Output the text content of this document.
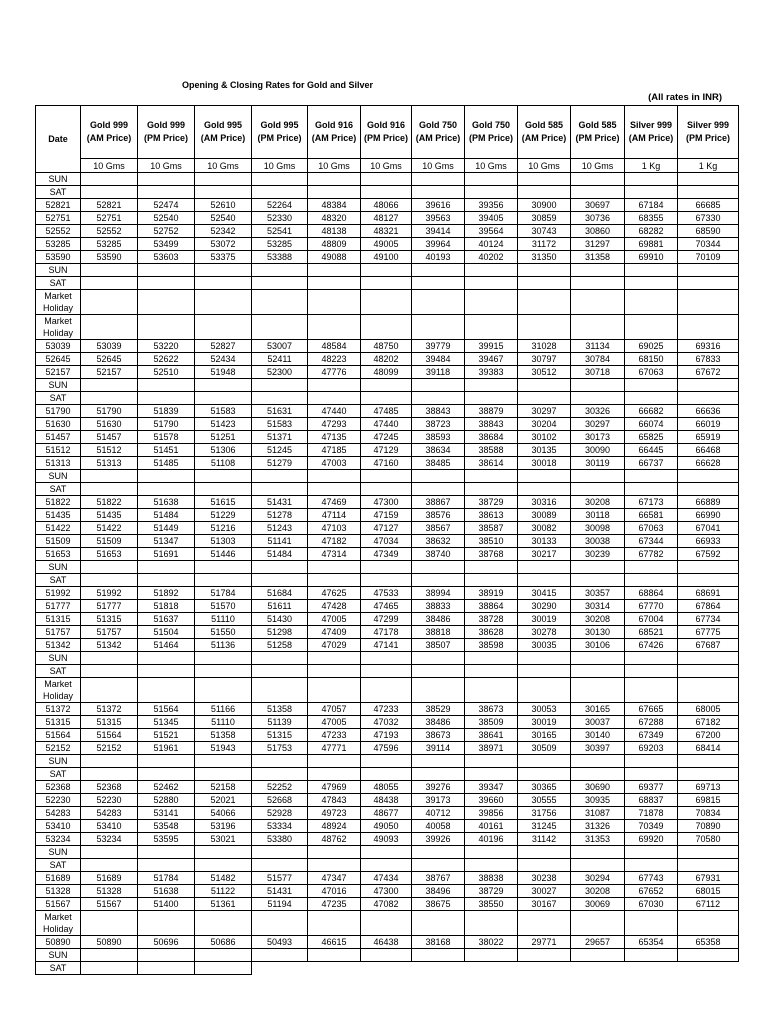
Opening & Closing Rates for Gold and Silver
(All rates in INR)
Date	Gold 999 (AM Price)	Gold 999 (PM Price)	Gold 995 (AM Price)	Gold 995 (PM Price)	Gold 916 (AM Price)	Gold 916 (PM Price)	Gold 750 (AM Price)	Gold 750 (PM Price)	Gold 585 (AM Price)	Gold 585 (PM Price)	Silver 999 (AM Price)	Silver 999 (PM Price)
	10 Gms	10 Gms	10 Gms	10 Gms	10 Gms	10 Gms	10 Gms	10 Gms	10 Gms	10 Gms	1 Kg	1 Kg
SUN												
SAT												
52821	52821	52474	52610	52264	48384	48066	39616	39356	30900	30697	67184	66685
52751	52751	52540	52540	52330	48320	48127	39563	39405	30859	30736	68355	67330
52552	52552	52752	52342	52541	48138	48321	39414	39564	30743	30860	68282	68590
53285	53285	53499	53072	53285	48809	49005	39964	40124	31172	31297	69881	70344
53590	53590	53603	53375	53388	49088	49100	40193	40202	31350	31358	69910	70109
SUN												
SAT												
Market Holiday												
Market Holiday												
53039	53039	53220	52827	53007	48584	48750	39779	39915	31028	31134	69025	69316
52645	52645	52622	52434	52411	48223	48202	39484	39467	30797	30784	68150	67833
52157	52157	52510	51948	52300	47776	48099	39118	39383	30512	30718	67063	67672
SUN												
SAT												
51790	51790	51839	51583	51631	47440	47485	38843	38879	30297	30326	66682	66636
51630	51630	51790	51423	51583	47293	47440	38723	38843	30204	30297	66074	66019
51457	51457	51578	51251	51371	47135	47245	38593	38684	30102	30173	65825	65919
51512	51512	51451	51306	51245	47185	47129	38634	38588	30135	30090	66445	66468
51313	51313	51485	51108	51279	47003	47160	38485	38614	30018	30119	66737	66628
SUN												
SAT												
51822	51822	51638	51615	51431	47469	47300	38867	38729	30316	30208	67173	66889
51435	51435	51484	51229	51278	47114	47159	38576	38613	30089	30118	66581	66990
51422	51422	51449	51216	51243	47103	47127	38567	38587	30082	30098	67063	67041
51509	51509	51347	51303	51141	47182	47034	38632	38510	30133	30038	67344	66933
51653	51653	51691	51446	51484	47314	47349	38740	38768	30217	30239	67782	67592
SUN												
SAT												
51992	51992	51892	51784	51684	47625	47533	38994	38919	30415	30357	68864	68691
51777	51777	51818	51570	51611	47428	47465	38833	38864	30290	30314	67770	67864
51315	51315	51637	51110	51430	47005	47299	38486	38728	30019	30208	67004	67734
51757	51757	51504	51550	51298	47409	47178	38818	38628	30278	30130	68521	67775
51342	51342	51464	51136	51258	47029	47141	38507	38598	30035	30106	67426	67687
SUN												
SAT												
Market Holiday												
51372	51372	51564	51166	51358	47057	47233	38529	38673	30053	30165	67665	68005
51315	51315	51345	51110	51139	47005	47032	38486	38509	30019	30037	67288	67182
51564	51564	51521	51358	51315	47233	47193	38673	38641	30165	30140	67349	67200
52152	52152	51961	51943	51753	47771	47596	39114	38971	30509	30397	69203	68414
SUN												
SAT												
52368	52368	52462	52158	52252	47969	48055	39276	39347	30365	30690	69377	69713
52230	52230	52880	52021	52668	47843	48438	39173	39660	30555	30935	68837	69815
54283	54283	53141	54066	52928	49723	48677	40712	39856	31756	31087	71878	70834
53410	53410	53548	53196	53334	48924	49050	40058	40161	31245	31326	70349	70890
53234	53234	53595	53021	53380	48762	49093	39926	40196	31142	31353	69920	70580
SUN												
SAT												
51689	51689	51784	51482	51577	47347	47434	38767	38838	30238	30294	67743	67931
51328	51328	51638	51122	51431	47016	47300	38496	38729	30027	30208	67652	68015
51567	51567	51400	51361	51194	47235	47082	38675	38550	30167	30069	67030	67112
Market Holiday												
50890	50890	50696	50686	50493	46615	46438	38168	38022	29771	29657	65354	65358
SUN												
SAT												
